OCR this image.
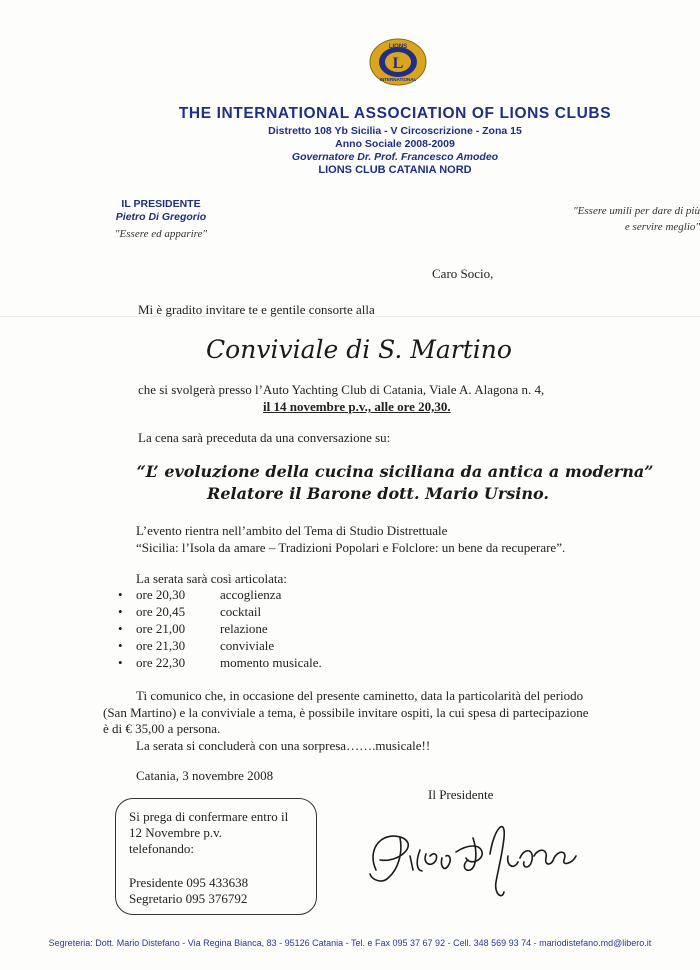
L
LIONS
INTERNATIONAL
THE INTERNATIONAL ASSOCIATION OF LIONS CLUBS
Distretto 108 Yb Sicilia - V Circoscrizione - Zona 15
Anno Sociale 2008-2009
Governatore Dr. Prof. Francesco Amodeo
LIONS CLUB CATANIA NORD
IL PRESIDENTE
Pietro Di Gregorio
"Essere ed apparire"
"Essere umili per dare di più
e servire meglio"
Caro Socio,
Mi è gradito invitare te e gentile consorte alla
Conviviale di S. Martino
che si svolgerà presso l’Auto Yachting Club di Catania, Viale A. Alagona n. 4,
il 14 novembre p.v., alle ore 20,30.
La cena sarà preceduta da una conversazione su:
“L’ evoluzione della cucina siciliana da antica a moderna”
Relatore il Barone dott. Mario Ursino.
L’evento rientra nell’ambito del Tema di Studio Distrettuale
“Sicilia: l’Isola da amare – Tradizioni Popolari e Folclore: un bene da recuperare”.
La serata sarà così articolata:
•	ore 20,30	accoglienza
•	ore 20,45	cocktail
•	ore 21,00	relazione
•	ore 21,30	conviviale
•	ore 22,30	momento musicale.
Ti comunico che, in occasione del presente caminetto, data la particolarità del periodo
(San Martino) e la conviviale a tema, è possibile invitare ospiti, la cui spesa di partecipazione
è di € 35,00 a persona.
La serata si concluderà con una sorpresa…….musicale!!
Catania, 3 novembre 2008
Il Presidente
Si prega di confermare entro il
12 Novembre p.v.
telefonando:
Presidente 095 433638
Segretario 095 376792
Segreteria: Dott. Mario Distefano - Via Regina Bianca, 83 - 95126 Catania - Tel. e Fax 095 37 67 92 - Cell. 348 569 93 74 - mariodistefano.md@libero.it
